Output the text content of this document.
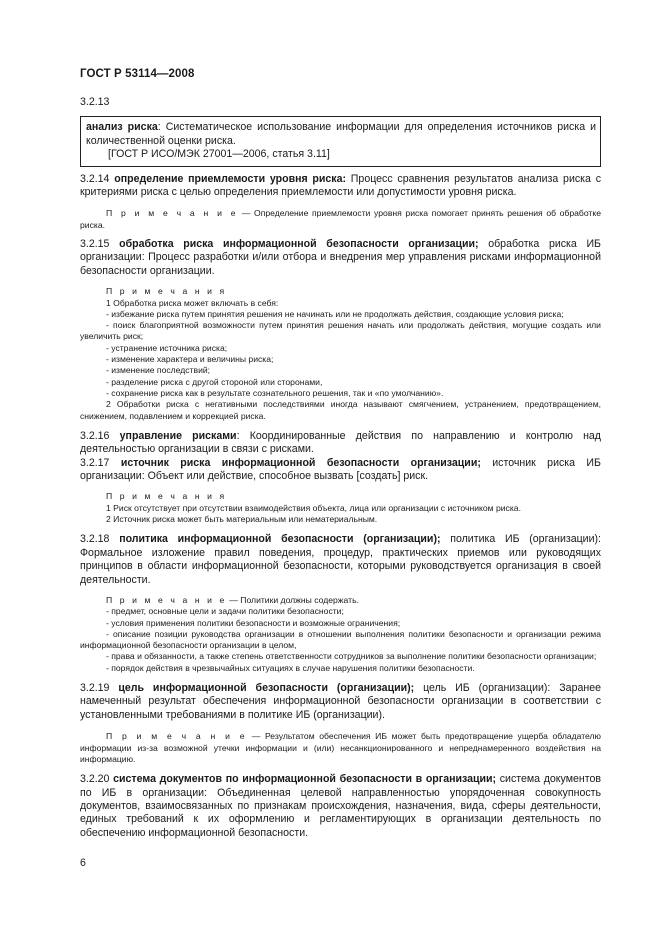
ГОСТ Р 53114—2008

3.2.13

анализ риска: Систематическое использование информации для определения источников риска и количественной оценки риска.

[ГОСТ Р ИСО/МЭК 27001—2006, статья 3.11]

3.2.14 определение приемлемости уровня риска: Процесс сравнения результатов анализа риска с критериями риска с целью определения приемлемости или допустимости уровня риска.

П р и м е ч а н и е — Определение приемлемости уровня риска помогает принять решения об обработке риска.

3.2.15 обработка риска информационной безопасности организации; обработка риска ИБ организации: Процесс разработки и/или отбора и внедрения мер управления рисками информационной безопасности организации.

П р и м е ч а н и я

1 Обработка риска может включать в себя:

- избежание риска путем принятия решения не начинать или не продолжать действия, создающие условия риска;

- поиск благоприятной возможности путем принятия решения начать или продолжать действия, могущие создать или увеличить риск;

- устранение источника риска;

- изменение характера и величины риска;

- изменение последствий;

- разделение риска с другой стороной или сторонами,

- сохранение риска как в результате сознательного решения, так и «по умолчанию».

2 Обработки риска с негативными последствиями иногда называют смягчением, устранением, предотвращением, снижением, подавлением и коррекцией риска.

3.2.16 управление рисками: Координированные действия по направлению и контролю над деятельностью организации в связи с рисками.

3.2.17 источник риска информационной безопасности организации; источник риска ИБ организации: Объект или действие, способное вызвать [создать] риск.

П р и м е ч а н и я

1 Риск отсутствует при отсутствии взаимодействия объекта, лица или организации с источником риска.

2 Источник риска может быть материальным или нематериальным.

3.2.18 политика информационной безопасности (организации); политика ИБ (организации): Формальное изложение правил поведения, процедур, практических приемов или руководящих принципов в области информационной безопасности, которыми руководствуется организация в своей деятельности.

П р и м е ч а н и е — Политики должны содержать.

- предмет, основные цели и задачи политики безопасности;

- условия применения политики безопасности и возможные ограничения;

- описание позиции руководства организации в отношении выполнения политики безопасности и организации режима информационной безопасности организации в целом,

- права и обязанности, а также степень ответственности сотрудников за выполнение политики безопасности организации;

- порядок действия в чрезвычайных ситуациях в случае нарушения политики безопасности.

3.2.19 цель информационной безопасности (организации); цель ИБ (организации): Заранее намеченный результат обеспечения информационной безопасности организации в соответствии с установленными требованиями в политике ИБ (организации).

П р и м е ч а н и е — Результатом обеспечения ИБ может быть предотвращение ущерба обладателю информации из-за возможной утечки информации и (или) несанкционированного и непреднамеренного воздействия на информацию.

3.2.20 система документов по информационной безопасности в организации; система документов по ИБ в организации: Объединенная целевой направленностью упорядоченная совокупность документов, взаимосвязанных по признакам происхождения, назначения, вида, сферы деятельности, единых требований к их оформлению и регламентирующих в организации деятельность по обеспечению информационной безопасности.

6
